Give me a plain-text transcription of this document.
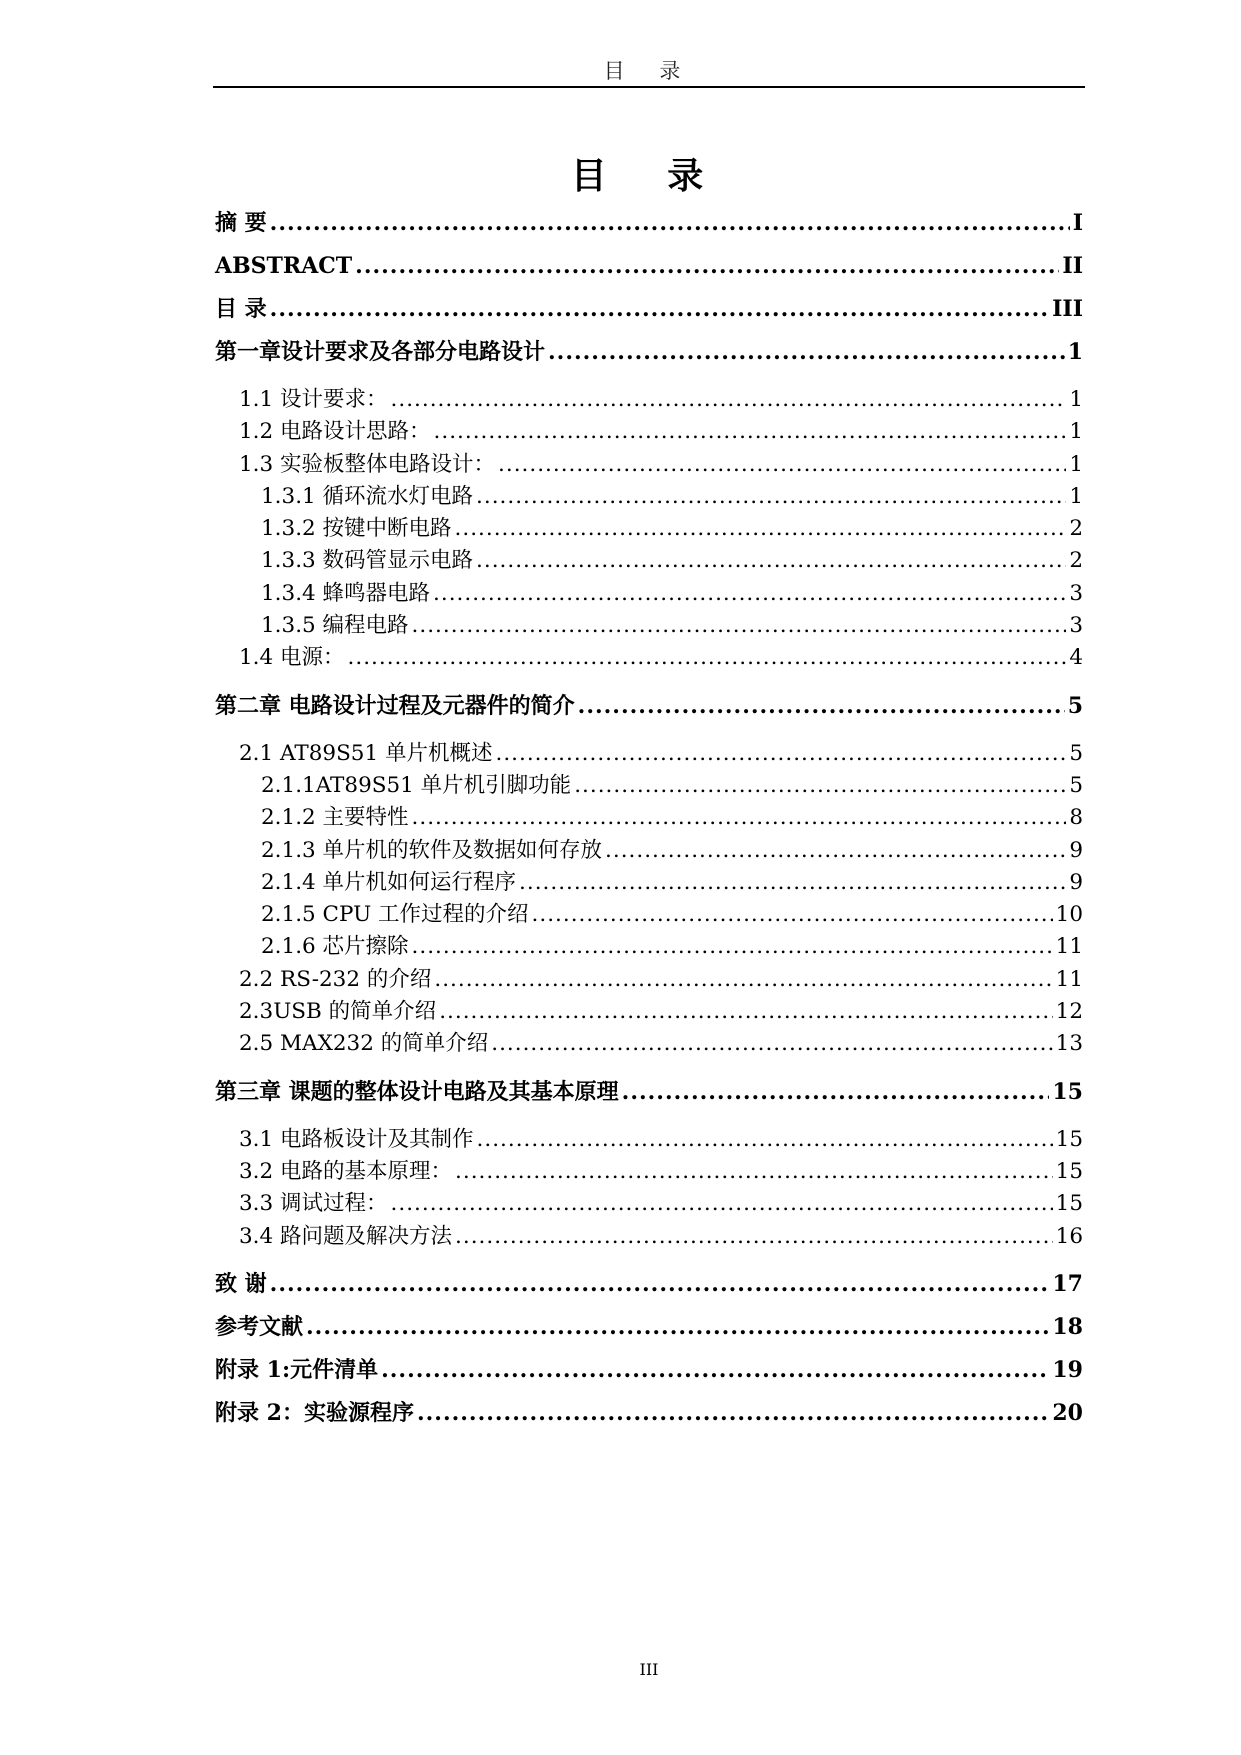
目 录
目 录
摘 要 .....	I
ABSTRACT .....	II
目 录 .....	III
第一章设计要求及各部分电路设计 .....	1
1.1 设计要求： .....	1
1.2 电路设计思路： .....	1
1.3 实验板整体电路设计： .....	1
1.3.1 循环流水灯电路 .....	1
1.3.2 按键中断电路 .....	2
1.3.3 数码管显示电路 .....	2
1.3.4 蜂鸣器电路 .....	3
1.3.5 编程电路 .....	3
1.4 电源： .....	4
第二章 电路设计过程及元器件的简介 .....	5
2.1 AT89S51 单片机概述 .....	5
2.1.1AT89S51 单片机引脚功能 .....	5
2.1.2 主要特性 .....	8
2.1.3 单片机的软件及数据如何存放 .....	9
2.1.4 单片机如何运行程序 .....	9
2.1.5 CPU 工作过程的介绍 .....	10
2.1.6 芯片擦除 .....	11
2.2 RS-232 的介绍 .....	11
2.3USB 的简单介绍 .....	12
2.5 MAX232 的简单介绍 .....	13
第三章 课题的整体设计电路及其基本原理 .....	15
3.1 电路板设计及其制作 .....	15
3.2 电路的基本原理： .....	15
3.3 调试过程： .....	15
3.4 路问题及解决方法 .....	16
致 谢 .....	17
参考文献 .....	18
附录 1:元件清单 .....	19
附录 2：实验源程序 .....	20
III
